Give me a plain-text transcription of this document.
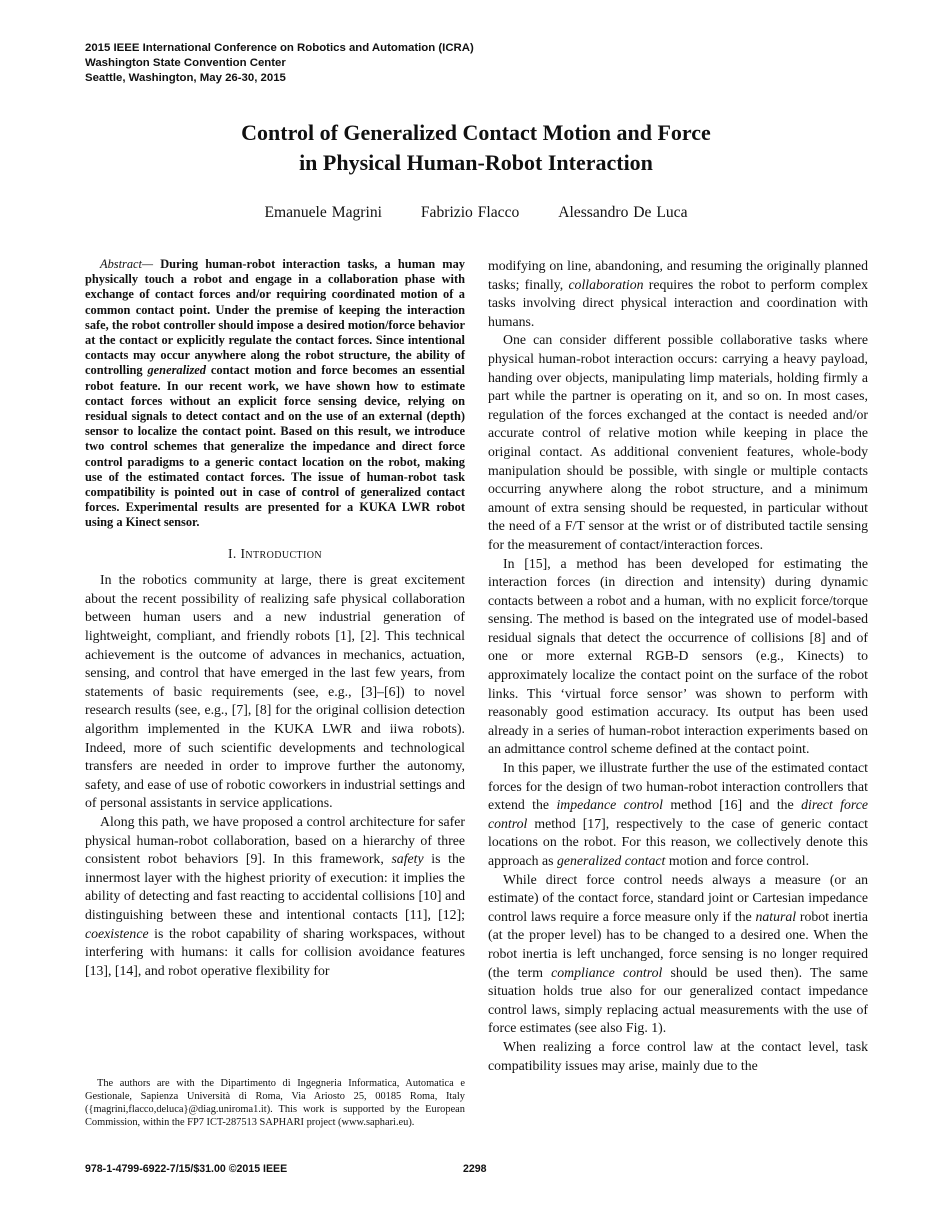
2015 IEEE International Conference on Robotics and Automation (ICRA)
Washington State Convention Center
Seattle, Washington, May 26-30, 2015
Control of Generalized Contact Motion and Force
in Physical Human-Robot Interaction
Emanuele Magrini Fabrizio Flacco Alessandro De Luca

Abstract— During human-robot interaction tasks, a human may physically touch a robot and engage in a collaboration phase with exchange of contact forces and/or requiring coordinated motion of a common contact point. Under the premise of keeping the interaction safe, the robot controller should impose a desired motion/force behavior at the contact or explicitly regulate the contact forces. Since intentional contacts may occur anywhere along the robot structure, the ability of controlling generalized contact motion and force becomes an essential robot feature. In our recent work, we have shown how to estimate contact forces without an explicit force sensing device, relying on residual signals to detect contact and on the use of an external (depth) sensor to localize the contact point. Based on this result, we introduce two control schemes that generalize the impedance and direct force control paradigms to a generic contact location on the robot, making use of the estimated contact forces. The issue of human-robot task compatibility is pointed out in case of control of generalized contact forces. Experimental results are presented for a KUKA LWR robot using a Kinect sensor.

I. Introduction

In the robotics community at large, there is great excitement about the recent possibility of realizing safe physical collaboration between human users and a new industrial generation of lightweight, compliant, and friendly robots [1], [2]. This technical achievement is the outcome of advances in mechanics, actuation, sensing, and control that have emerged in the last few years, from statements of basic requirements (see, e.g., [3]–[6]) to novel research results (see, e.g., [7], [8] for the original collision detection algorithm implemented in the KUKA LWR and iiwa robots). Indeed, more of such scientific developments and technological transfers are needed in order to improve further the autonomy, safety, and ease of use of robotic coworkers in industrial settings and of personal assistants in service applications.

Along this path, we have proposed a control architecture for safer physical human-robot collaboration, based on a hierarchy of three consistent robot behaviors [9]. In this framework, safety is the innermost layer with the highest priority of execution: it implies the ability of detecting and fast reacting to accidental collisions [10] and distinguishing between these and intentional contacts [11], [12]; coexistence is the robot capability of sharing workspaces, without interfering with humans: it calls for collision avoidance features [13], [14], and robot operative flexibility for

The authors are with the Dipartimento di Ingegneria Informatica, Automatica e Gestionale, Sapienza Università di Roma, Via Ariosto 25, 00185 Roma, Italy ({magrini,flacco,deluca}@diag.uniroma1.it). This work is supported by the European Commission, within the FP7 ICT-287513 SAPHARI project (www.saphari.eu).

modifying on line, abandoning, and resuming the originally planned tasks; finally, collaboration requires the robot to perform complex tasks involving direct physical interaction and coordination with humans.

One can consider different possible collaborative tasks where physical human-robot interaction occurs: carrying a heavy payload, handing over objects, manipulating limp materials, holding firmly a part while the partner is operating on it, and so on. In most cases, regulation of the forces exchanged at the contact is needed and/or accurate control of relative motion while keeping in place the original contact. As additional convenient features, whole-body manipulation should be possible, with single or multiple contacts occurring anywhere along the robot structure, and a minimum amount of extra sensing should be requested, in particular without the need of a F/T sensor at the wrist or of distributed tactile sensing for the measurement of contact/interaction forces.

In [15], a method has been developed for estimating the interaction forces (in direction and intensity) during dynamic contacts between a robot and a human, with no explicit force/torque sensing. The method is based on the integrated use of model-based residual signals that detect the occurrence of collisions [8] and of one or more external RGB-D sensors (e.g., Kinects) to approximately localize the contact point on the surface of the robot links. This ‘virtual force sensor’ was shown to perform with reasonably good estimation accuracy. Its output has been used already in a series of human-robot interaction experiments based on an admittance control scheme defined at the contact point.

In this paper, we illustrate further the use of the estimated contact forces for the design of two human-robot interaction controllers that extend the impedance control method [16] and the direct force control method [17], respectively to the case of generic contact locations on the robot. For this reason, we collectively denote this approach as generalized contact motion and force control.

While direct force control needs always a measure (or an estimate) of the contact force, standard joint or Cartesian impedance control laws require a force measure only if the natural robot inertia (at the proper level) has to be changed to a desired one. When the robot inertia is left unchanged, force sensing is no longer required (the term compliance control should be used then). The same situation holds true also for our generalized contact impedance control laws, simply replacing actual measurements with the use of force estimates (see also Fig. 1).

When realizing a force control law at the contact level, task compatibility issues may arise, mainly due to the

978-1-4799-6922-7/15/$31.00 ©2015 IEEE	2298
